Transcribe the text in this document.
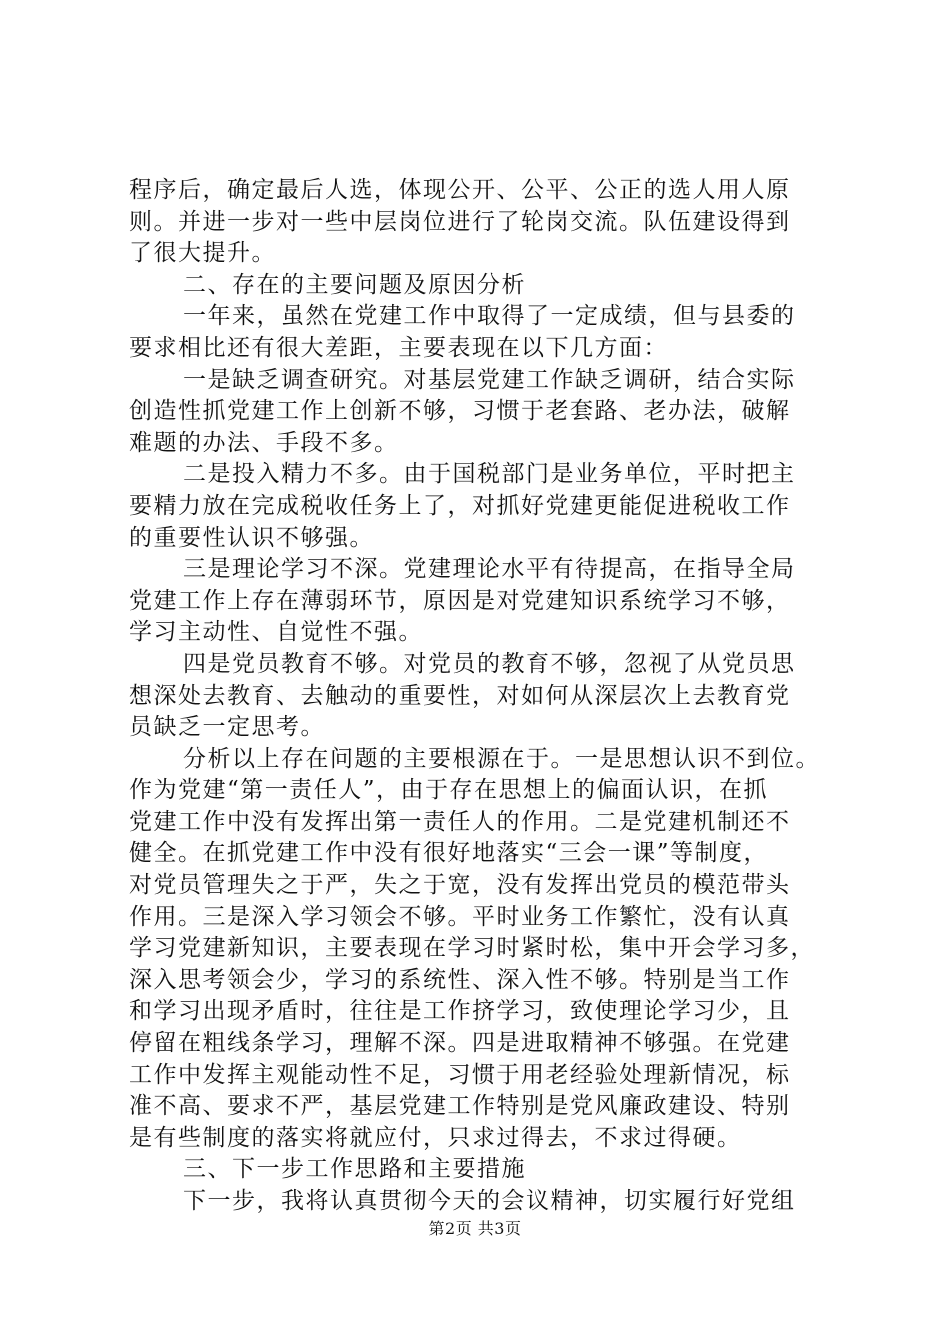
程序后，确定最后人选，体现公开、公平、公正的选人用人原
则。并进一步对一些中层岗位进行了轮岗交流。队伍建设得到
了很大提升。
二、存在的主要问题及原因分析
一年来，虽然在党建工作中取得了一定成绩，但与县委的
要求相比还有很大差距，主要表现在以下几方面：
一是缺乏调查研究。对基层党建工作缺乏调研，结合实际
创造性抓党建工作上创新不够，习惯于老套路、老办法，破解
难题的办法、手段不多。
二是投入精力不多。由于国税部门是业务单位，平时把主
要精力放在完成税收任务上了，对抓好党建更能促进税收工作
的重要性认识不够强。
三是理论学习不深。党建理论水平有待提高，在指导全局
党建工作上存在薄弱环节，原因是对党建知识系统学习不够，
学习主动性、自觉性不强。
四是党员教育不够。对党员的教育不够，忽视了从党员思
想深处去教育、去触动的重要性，对如何从深层次上去教育党
员缺乏一定思考。
分析以上存在问题的主要根源在于。一是思想认识不到位。
作为党建“第一责任人”，由于存在思想上的偏面认识，在抓
党建工作中没有发挥出第一责任人的作用。二是党建机制还不
健全。在抓党建工作中没有很好地落实“三会一课”等制度，
对党员管理失之于严，失之于宽，没有发挥出党员的模范带头
作用。三是深入学习领会不够。平时业务工作繁忙，没有认真
学习党建新知识，主要表现在学习时紧时松，集中开会学习多，
深入思考领会少，学习的系统性、深入性不够。特别是当工作
和学习出现矛盾时，往往是工作挤学习，致使理论学习少，且
停留在粗线条学习，理解不深。四是进取精神不够强。在党建
工作中发挥主观能动性不足，习惯于用老经验处理新情况，标
准不高、要求不严，基层党建工作特别是党风廉政建设、特别
是有些制度的落实将就应付，只求过得去，不求过得硬。
三、下一步工作思路和主要措施
下一步，我将认真贯彻今天的会议精神，切实履行好党组
第2页 共3页
